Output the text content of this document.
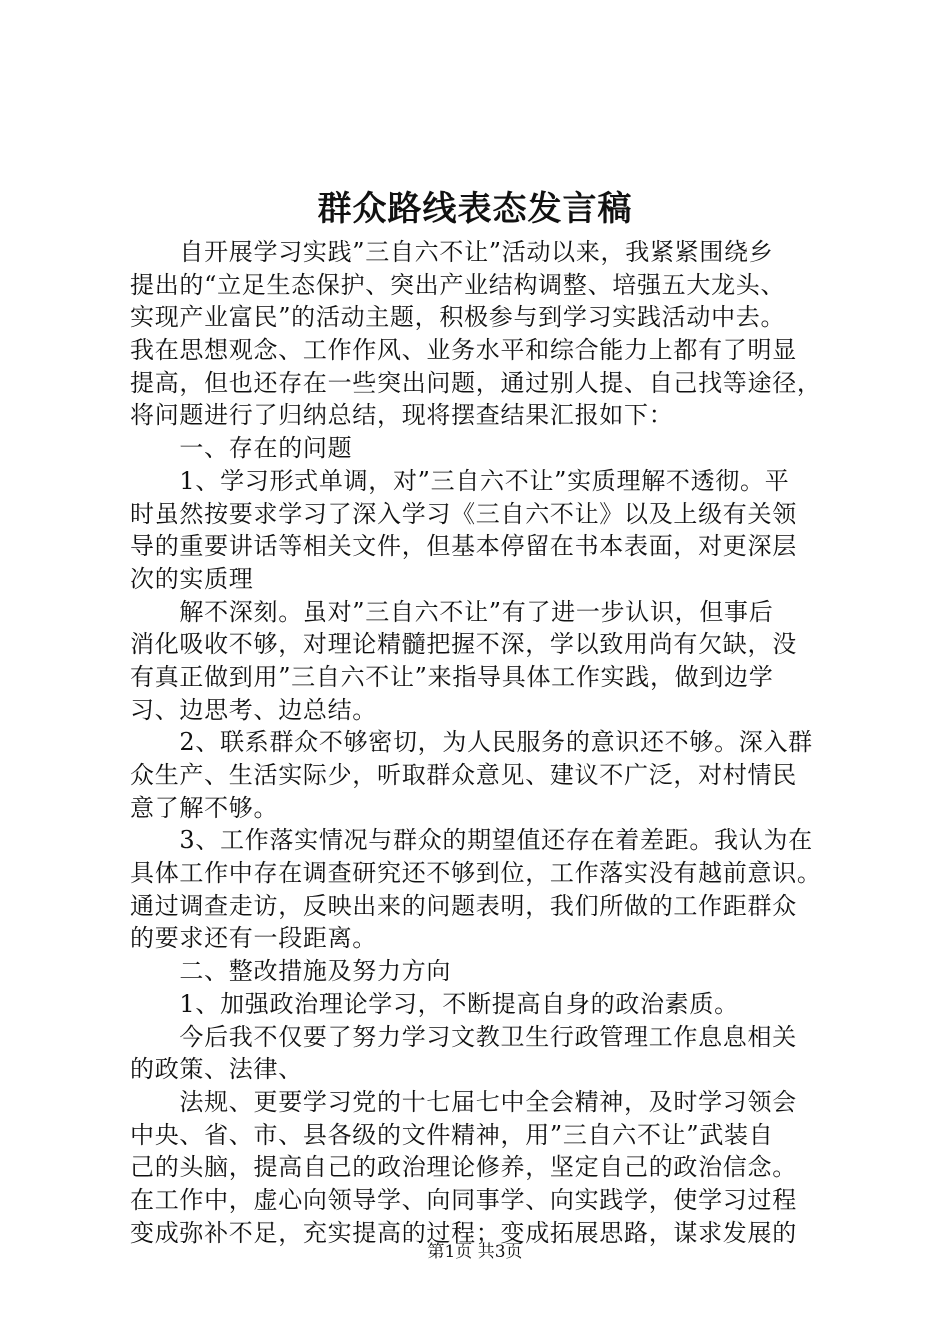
群众路线表态发言稿
　　自开展学习实践”三自六不让”活动以来，我紧紧围绕乡
提出的“立足生态保护、突出产业结构调整、培强五大龙头、
实现产业富民”的活动主题，积极参与到学习实践活动中去。
我在思想观念、工作作风、业务水平和综合能力上都有了明显
提高，但也还存在一些突出问题，通过别人提、自己找等途径，
将问题进行了归纳总结，现将摆查结果汇报如下：
　　一、存在的问题
　　1、学习形式单调，对”三自六不让”实质理解不透彻。平
时虽然按要求学习了深入学习《三自六不让》以及上级有关领
导的重要讲话等相关文件，但基本停留在书本表面，对更深层
次的实质理
　　解不深刻。虽对”三自六不让”有了进一步认识，但事后
消化吸收不够，对理论精髓把握不深，学以致用尚有欠缺，没
有真正做到用”三自六不让”来指导具体工作实践，做到边学
习、边思考、边总结。
　　2、联系群众不够密切，为人民服务的意识还不够。深入群
众生产、生活实际少，听取群众意见、建议不广泛，对村情民
意了解不够。
　　3、工作落实情况与群众的期望值还存在着差距。我认为在
具体工作中存在调查研究还不够到位，工作落实没有越前意识。
通过调查走访，反映出来的问题表明，我们所做的工作距群众
的要求还有一段距离。
　　二、整改措施及努力方向
　　1、加强政治理论学习，不断提高自身的政治素质。
　　今后我不仅要了努力学习文教卫生行政管理工作息息相关
的政策、法律、
　　法规、更要学习党的十七届七中全会精神，及时学习领会
中央、省、市、县各级的文件精神，用”三自六不让”武装自
己的头脑，提高自己的政治理论修养，坚定自己的政治信念。
在工作中，虚心向领导学、向同事学、向实践学，使学习过程
变成弥补不足，充实提高的过程；变成拓展思路，谋求发展的
第1页 共3页
